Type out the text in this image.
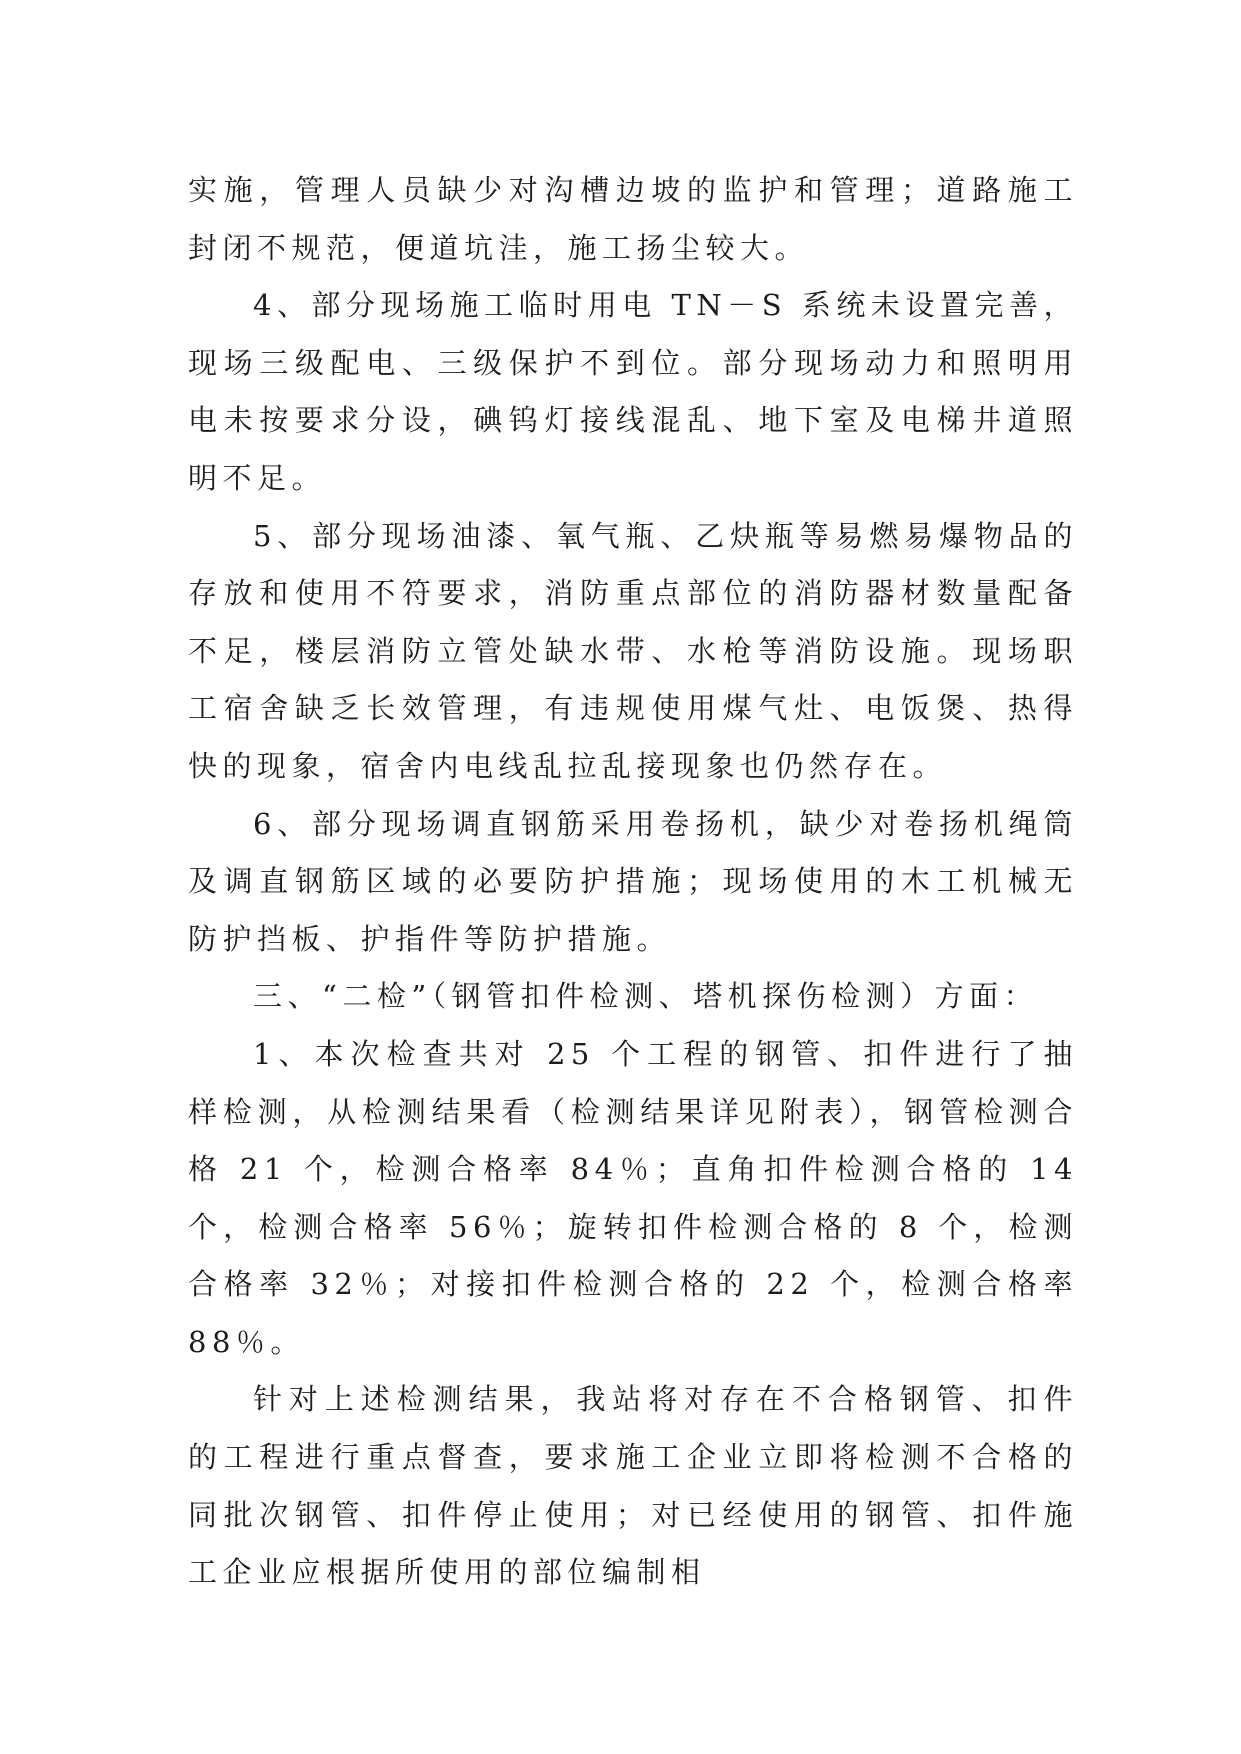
实施，管理人员缺少对沟槽边坡的监护和管理；道路施工封闭不规范，便道坑洼，施工扬尘较大。

4、部分现场施工临时用电 TN－S 系统未设置完善，现场三级配电、三级保护不到位。部分现场动力和照明用电未按要求分设，碘钨灯接线混乱、地下室及电梯井道照明不足。

5、部分现场油漆、氧气瓶、乙炔瓶等易燃易爆物品的存放和使用不符要求，消防重点部位的消防器材数量配备不足，楼层消防立管处缺水带、水枪等消防设施。现场职工宿舍缺乏长效管理，有违规使用煤气灶、电饭煲、热得快的现象，宿舍内电线乱拉乱接现象也仍然存在。

6、部分现场调直钢筋采用卷扬机，缺少对卷扬机绳筒及调直钢筋区域的必要防护措施；现场使用的木工机械无防护挡板、护指件等防护措施。

三、“二检”（钢管扣件检测、塔机探伤检测）方面：

1、本次检查共对 25 个工程的钢管、扣件进行了抽样检测，从检测结果看（检测结果详见附表），钢管检测合格 21 个，检测合格率 84％；直角扣件检测合格的 14 个，检测合格率 56％；旋转扣件检测合格的 8 个，检测合格率 32％；对接扣件检测合格的 22 个，检测合格率 88％。

针对上述检测结果，我站将对存在不合格钢管、扣件的工程进行重点督查，要求施工企业立即将检测不合格的同批次钢管、扣件停止使用；对已经使用的钢管、扣件施工企业应根据所使用的部位编制相
